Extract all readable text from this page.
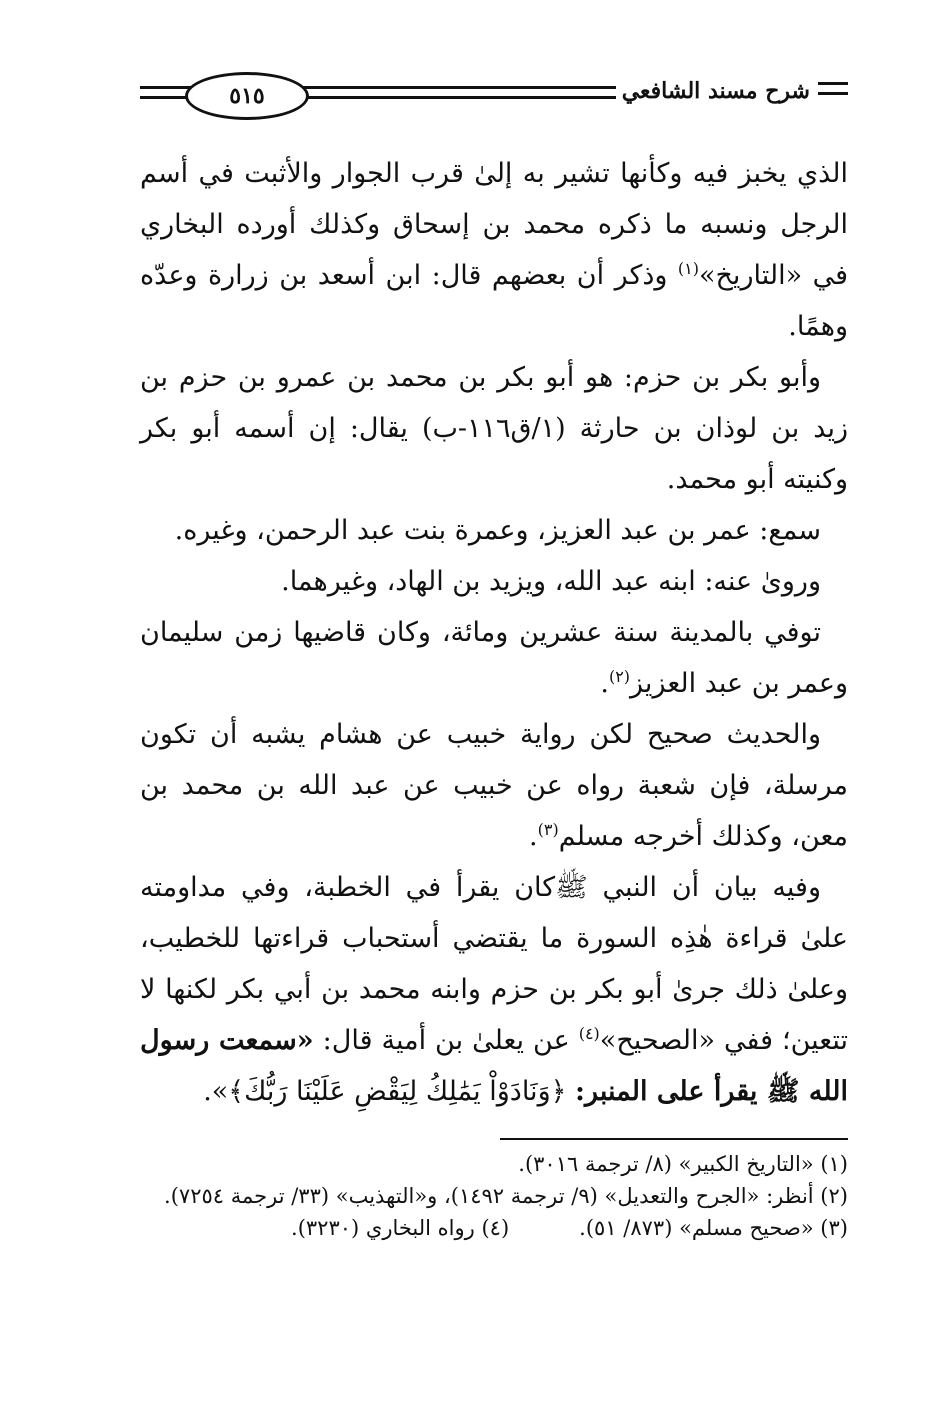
شرح مسند الشافعي
٥١٥

الذي يخبز فيه وكأنها تشير به إلىٰ قرب الجوار والأثبت في أسم الرجل ونسبه ما ذكره محمد بن إسحاق وكذلك أورده البخاري في «التاريخ»$^{(١)}$ وذكر أن بعضهم قال: ابن أسعد بن زرارة وعدّه وهمًا.

وأبو بكر بن حزم: هو أبو بكر بن محمد بن عمرو بن حزم بن زيد بن لوذان بن حارثة (١/ق١١٦-ب) يقال: إن أسمه أبو بكر وكنيته أبو محمد.

سمع: عمر بن عبد العزيز، وعمرة بنت عبد الرحمن، وغيره.

وروىٰ عنه: ابنه عبد الله، ويزيد بن الهاد، وغيرهما.

توفي بالمدينة سنة عشرين ومائة، وكان قاضيها زمن سليمان وعمر بن عبد العزيز$^{(٢)}$.

والحديث صحيح لكن رواية خبيب عن هشام يشبه أن تكون مرسلة، فإن شعبة رواه عن خبيب عن عبد الله بن محمد بن معن، وكذلك أخرجه مسلم$^{(٣)}$.

وفيه بيان أن النبي ﷺكان يقرأ في الخطبة، وفي مداومته علىٰ قراءة هٰذِه السورة ما يقتضي أستحباب قراءتها للخطيب، وعلىٰ ذلك جرىٰ أبو بكر بن حزم وابنه محمد بن أبي بكر لكنها لا تتعين؛ ففي «الصحيح»$^{(٤)}$ عن يعلىٰ بن أمية قال: «سمعت رسول الله ﷺ يقرأ على المنبر: ﴿وَنَادَوْاْ يَمَٰلِكُ لِيَقْضِ عَلَيْنَا رَبُّكَ﴾».

(١) «التاريخ الكبير» (٨/ ترجمة ٣٠١٦).
(٢) أنظر: «الجرح والتعديل» (٩/ ترجمة ١٤٩٢)، و«التهذيب» (٣٣/ ترجمة ٧٢٥٤).
(٣) «صحيح مسلم» (٨٧٣/ ٥١).
(٤) رواه البخاري (٣٢٣٠).
